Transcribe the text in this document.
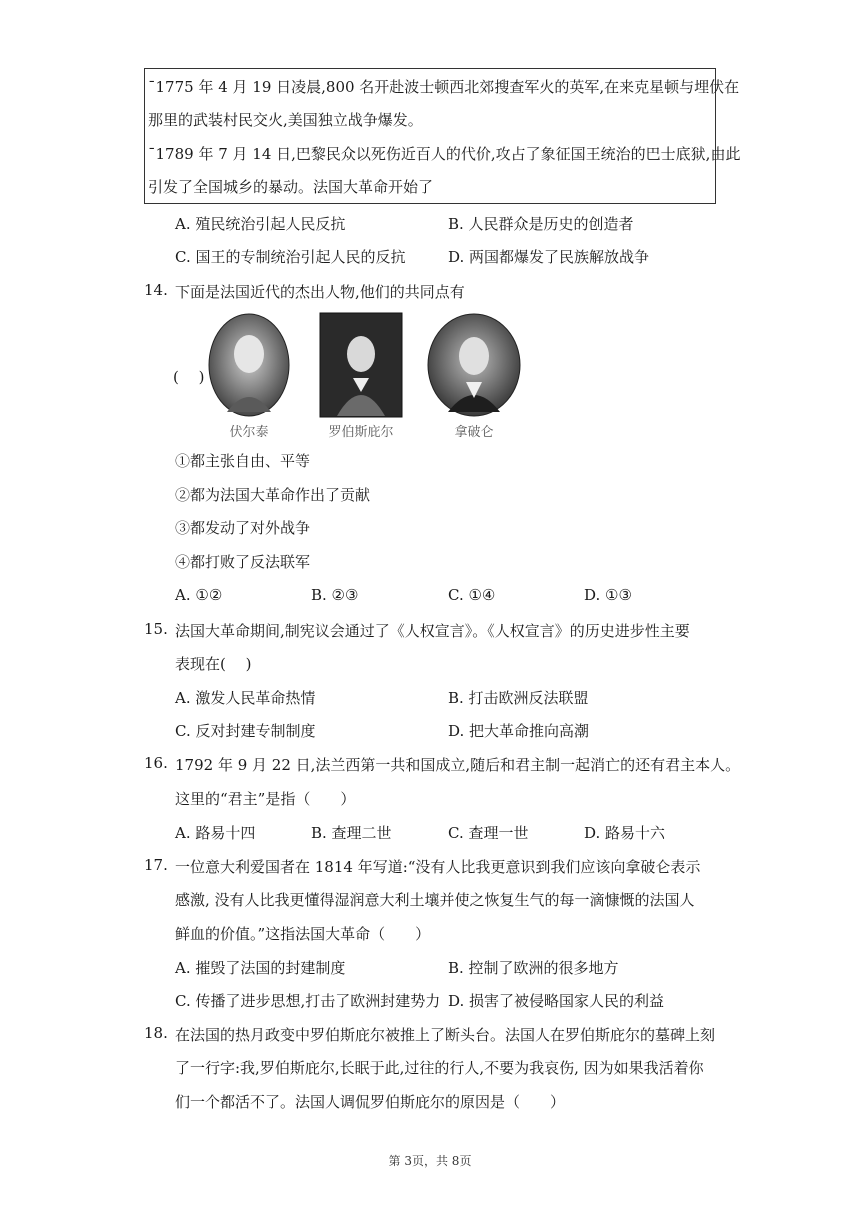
ˉ1775 年 4 月 19 日凌晨,800 名开赴波士顿西北郊搜查军火的英军,在来克星顿与埋伏在
那里的武装村民交火,美国独立战争爆发。
ˉ1789 年 7 月 14 日,巴黎民众以死伤近百人的代价,攻占了象征国王统治的巴士底狱,由此
引发了全国城乡的暴动。法国大革命开始了
A. 殖民统治引起人民反抗	B. 人民群众是历史的创造者
C. 国王的专制统治引起人民的反抗	D. 两国都爆发了民族解放战争
14. 下面是法国近代的杰出人物,他们的共同点有
(　 )
伏尔泰	罗伯斯庇尔	拿破仑
①都主张自由、平等
②都为法国大革命作出了贡献
③都发动了对外战争
④都打败了反法联军
A. ①②	B. ②③	C. ①④	D. ①③
15. 法国大革命期间,制宪议会通过了《人权宣言》。《人权宣言》的历史进步性主要
表现在(　 )
A. 激发人民革命热情	B. 打击欧洲反法联盟
C. 反对封建专制制度	D. 把大革命推向高潮
16. 1792 年 9 月 22 日,法兰西第一共和国成立,随后和君主制一起消亡的还有君主本人。
这里的“君主”是指（　　）
A. 路易十四	B. 查理二世	C. 查理一世	D. 路易十六
17. 一位意大利爱国者在 1814 年写道:“没有人比我更意识到我们应该向拿破仑表示
感激, 没有人比我更懂得湿润意大利土壤并使之恢复生气的每一滴慷慨的法国人
鲜血的价值。”这指法国大革命（　　）
A. 摧毁了法国的封建制度	B. 控制了欧洲的很多地方
C. 传播了进步思想,打击了欧洲封建势力 D. 损害了被侵略国家人民的利益
18. 在法国的热月政变中罗伯斯庇尔被推上了断头台。法国人在罗伯斯庇尔的墓碑上刻
了一行字:我,罗伯斯庇尔,长眠于此,过往的行人,不要为我哀伤, 因为如果我活着你
们一个都活不了。法国人调侃罗伯斯庇尔的原因是（　　）
第 3页，共 8页
